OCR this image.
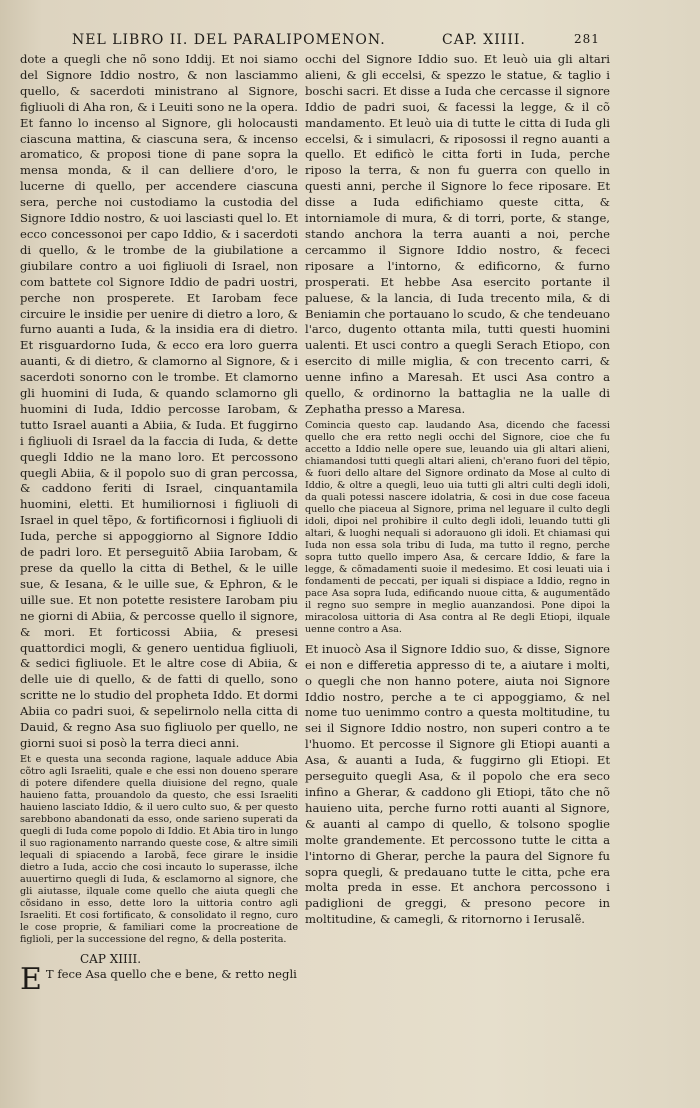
NEL LIBRO II. DEL PARALIPOMENON.	CAP. XIIII.	281

dote a quegli che nõ sono Iddij. Et noi siamo del Signore Iddio nostro, & non lasciammo quello, & sacerdoti ministrano al Signore, figliuoli di Aha ron, & i Leuiti sono ne la opera. Et fanno lo incenso al Signore, gli holocausti ciascuna mattina, & ciascuna sera, & incenso aromatico, & proposi tione di pane sopra la mensa monda, & il can delliere d'oro, le lucerne di quello, per accendere ciascuna sera, perche noi custodiamo la custodia del Signore Iddio nostro, & uoi lasciasti quel lo. Et ecco concessonoi per capo Iddio, & i sacerdoti di quello, & le trombe de la giubilatione a giubilare contro a uoi figliuoli di Israel, non com battete col Signore Iddio de padri uostri, perche non prosperete. Et Iarobam fece circuire le insidie per uenire di dietro a loro, & furno auanti a Iuda, & la insidia era di dietro. Et risguardorno Iuda, & ecco era loro guerra auanti, & di dietro, & clamorno al Signore, & i sacerdoti sonorno con le trombe. Et clamorno gli huomini di Iuda, & quando sclamorno gli huomini di Iuda, Iddio percosse Iarobam, & tutto Israel auanti a Abiia, & Iuda. Et fuggirno i figliuoli di Israel da la faccia di Iuda, & dette quegli Iddio ne la mano loro. Et percossono quegli Abiia, & il popolo suo di gran percossa, & caddono feriti di Israel, cinquantamila huomini, eletti. Et humiliornosi i figliuoli di Israel in quel tẽpo, & fortificornosi i figliuoli di Iuda, perche si appoggiorno al Signore Iddio de padri loro. Et perseguitõ Abiia Iarobam, & prese da quello la citta di Bethel, & le uille sue, & Iesana, & le uille sue, & Ephron, & le uille sue. Et non potette resistere Iarobam piu ne giorni di Abiia, & percosse quello il signore, & mori. Et forticossi Abiia, & presesi quattordici mogli, & genero uentidua figliuoli, & sedici figliuole. Et le altre cose di Abiia, & delle uie di quello, & de fatti di quello, sono scritte ne lo studio del propheta Iddo. Et dormi Abiia co padri suoi, & sepelirnolo nella citta di Dauid, & regno Asa suo figliuolo per quello, ne giorni suoi si posò la terra dieci anni.

Et e questa una seconda ragione, laquale adduce Abia cõtro agli Israeliti, quale e che essi non doueno sperare di potere difendere quella diuisione del regno, quale hauieno fatta, prouandolo da questo, che essi Israeliti hauieno lasciato Iddio, & il uero culto suo, & per questo sarebbono abandonati da esso, onde sarieno superati da quegli di Iuda come popolo di Iddio. Et Abia tiro in lungo il suo ragionamento narrando queste cose, & altre simili lequali di spiacendo a Iarobã, fece girare le insidie dietro a Iuda, accio che cosi incauto lo superasse, ilche auuertirno quegli di Iuda, & esclamorno al signore, che gli aiutasse, ilquale come quello che aiuta quegli che cõsidano in esso, dette loro la uittoria contro agli Israeliti. Et cosi fortificato, & consolidato il regno, curo le cose proprie, & familiari come la procreatione de figlioli, per la successione del regno, & della posterita.

CAP XIIII.

E T fece Asa quello che e bene, & retto negli

occhi del Signore Iddio suo. Et leuò uia gli altari alieni, & gli eccelsi, & spezzo le statue, & taglio i boschi sacri. Et disse a Iuda che cercasse il signore Iddio de padri suoi, & facessi la legge, & il cõ mandamento. Et leuò uia di tutte le citta di Iuda gli eccelsi, & i simulacri, & riposossi il regno auanti a quello. Et edificò le citta forti in Iuda, perche riposo la terra, & non fu guerra con quello in questi anni, perche il Signore lo fece riposare. Et disse a Iuda edifichiamo queste citta, & intorniamole di mura, & di torri, porte, & stange, stando anchora la terra auanti a noi, perche cercammo il Signore Iddio nostro, & fececi riposare a l'intorno, & edificorno, & furno prosperati. Et hebbe Asa esercito portante il paluese, & la lancia, di Iuda trecento mila, & di Beniamin che portauano lo scudo, & che tendeuano l'arco, dugento ottanta mila, tutti questi huomini ualenti. Et usci contro a quegli Serach Etiopo, con esercito di mille miglia, & con trecento carri, & uenne infino a Maresah. Et usci Asa contro a quello, & ordinorno la battaglia ne la ualle di Zephatha presso a Maresa.

Comincia questo cap. laudando Asa, dicendo che facessi quello che era retto negli occhi del Signore, cioe che fu accetto a Iddio nelle opere sue, leuando uia gli altari alieni, chiamandosi tutti quegli altari alieni, ch'erano fuori del tẽpio, & fuori dello altare del Signore ordinato da Mose al culto di Iddio, & oltre a quegli, leuo uia tutti gli altri culti degli idoli, da quali potessi nascere idolatria, & cosi in due cose faceua quello che piaceua al Signore, prima nel leguare il culto degli idoli, dipoi nel prohibire il culto degli idoli, leuando tutti gli altari, & luoghi nequali si adorauono gli idoli. Et chiamasi qui Iuda non essa sola tribu di Iuda, ma tutto il regno, perche sopra tutto quello impero Asa, & cercare Iddio, & fare la legge, & cõmadamenti suoie il medesimo. Et cosi leuati uia i fondamenti de peccati, per iquali si dispiace a Iddio, regno in pace Asa sopra Iuda, edificando nuoue citta, & augumentãdo il regno suo sempre in meglio auanzandosi. Pone dipoi la miracolosa uittoria di Asa contra al Re degli Etiopi, ilquale uenne contro a Asa.

Et inuocò Asa il Signore Iddio suo, & disse, Signore ei non e differetia appresso di te, a aiutare i molti, o quegli che non hanno potere, aiuta noi Signore Iddio nostro, perche a te ci appoggiamo, & nel nome tuo uenimmo contro a questa moltitudine, tu sei il Signore Iddio nostro, non superi contro a te l'huomo. Et percosse il Signore gli Etiopi auanti a Asa, & auanti a Iuda, & fuggirno gli Etiopi. Et perseguito quegli Asa, & il popolo che era seco infino a Gherar, & caddono gli Etiopi, tãto che nõ hauieno uita, perche furno rotti auanti al Signore, & auanti al campo di quello, & tolsono spoglie molte grandemente. Et percossono tutte le citta a l'intorno di Gherar, perche la paura del Signore fu sopra quegli, & predauano tutte le citta, pche era molta preda in esse. Et anchora percossono i padiglioni de greggi, & presono pecore in moltitudine, & camegli, & ritornorno i Ierusalẽ.
